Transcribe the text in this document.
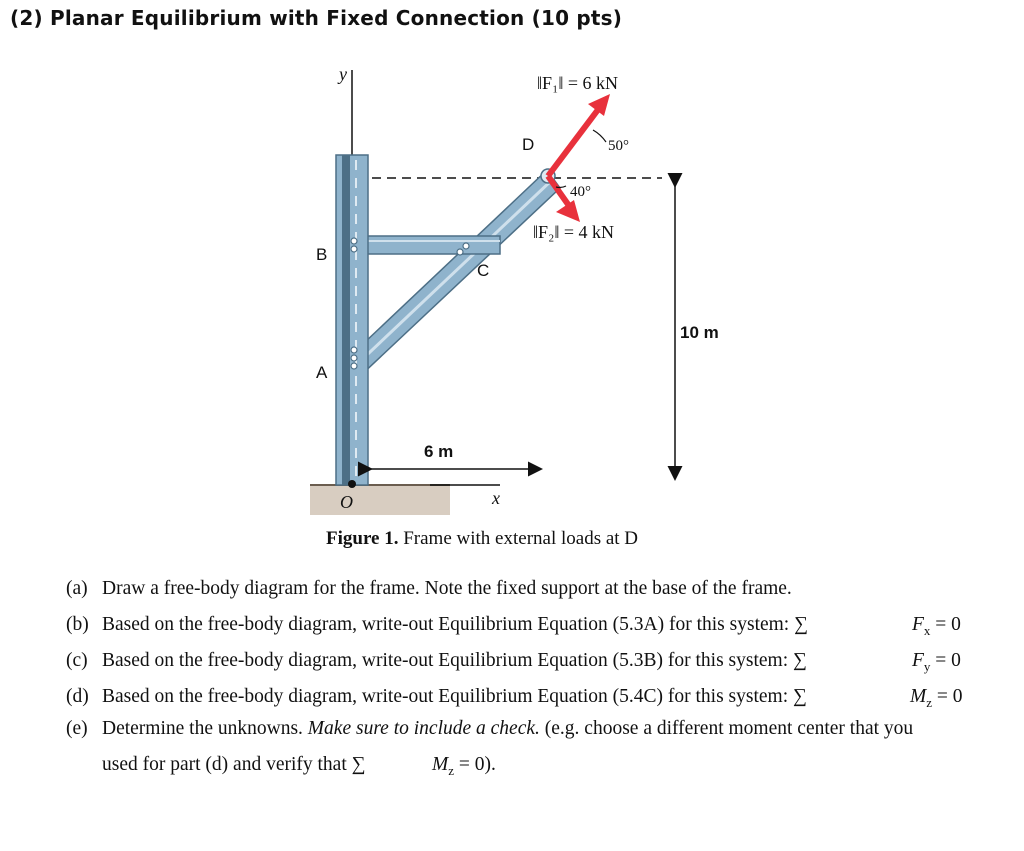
(2) Planar Equilibrium with Fixed Connection (10 pts)
D
B
A
C
10 m
6 m
‖F₁‖ = 6 kN
‖F₂‖ = 4 kN
50°
40°
y
x
O
Figure 1. Frame with external loads at D
(a) Draw a free-body diagram for the frame. Note the fixed support at the base of the frame.
(b) Based on the free-body diagram, write-out Equilibrium Equation (5.3A) for this system: ∑
(c) Based on the free-body diagram, write-out Equilibrium Equation (5.3B) for this system: ∑
(d) Based on the free-body diagram, write-out Equilibrium Equation (5.4C) for this system: ∑
(e) Determine the unknowns. Make sure to include a check. (e.g. choose a different moment center that you
used for part (d) and verify that ∑
$F_x = 0$
$F_y = 0$
$M_z = 0$
$M_z = 0$).
